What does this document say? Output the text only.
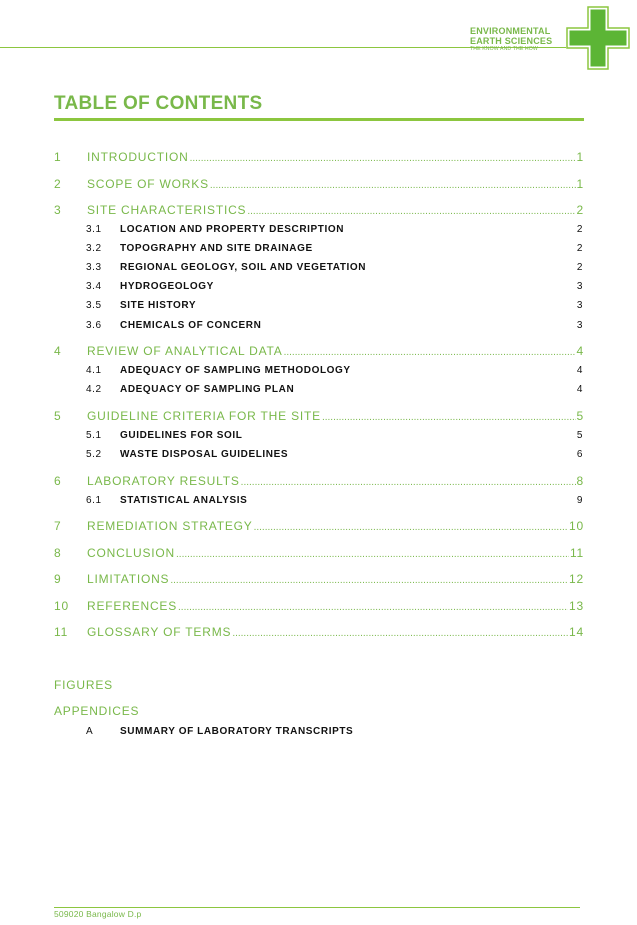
ENVIRONMENTAL
EARTH SCIENCES
THE KNOW AND THE HOW
TABLE OF CONTENTS
1	INTRODUCTION .....	1
2	SCOPE OF WORKS .....	1
3	SITE CHARACTERISTICS .....	2
3.1	LOCATION AND PROPERTY DESCRIPTION	2
3.2	TOPOGRAPHY AND SITE DRAINAGE	2
3.3	REGIONAL GEOLOGY, SOIL AND VEGETATION	2
3.4	HYDROGEOLOGY	3
3.5	SITE HISTORY	3
3.6	CHEMICALS OF CONCERN	3
4	REVIEW OF ANALYTICAL DATA .....	4
4.1	ADEQUACY OF SAMPLING METHODOLOGY	4
4.2	ADEQUACY OF SAMPLING PLAN	4
5	GUIDELINE CRITERIA FOR THE SITE .....	5
5.1	GUIDELINES FOR SOIL	5
5.2	WASTE DISPOSAL GUIDELINES	6
6	LABORATORY RESULTS .....	8
6.1	STATISTICAL ANALYSIS	9
7	REMEDIATION STRATEGY .....	10
8	CONCLUSION .....	11
9	LIMITATIONS .....	12
10	REFERENCES .....	13
11	GLOSSARY OF TERMS .....	14
FIGURES
APPENDICES
A	SUMMARY OF LABORATORY TRANSCRIPTS
509020 Bangalow D.p
